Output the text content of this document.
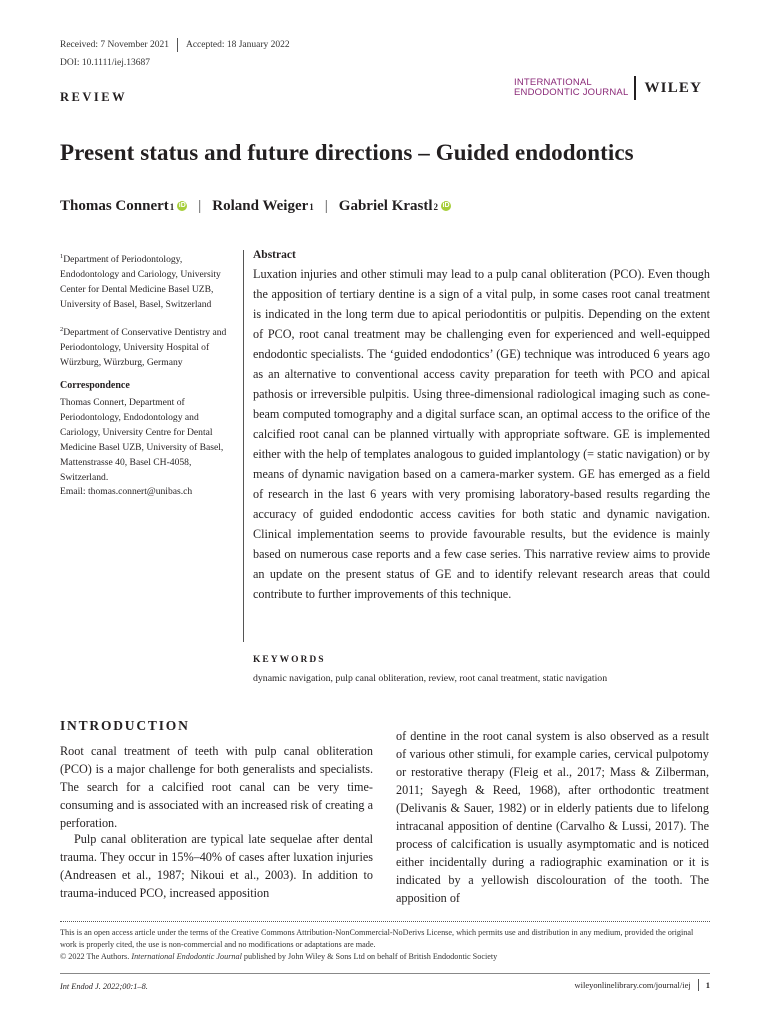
Received: 7 November 2021 Accepted: 18 January 2022
DOI: 10.1111/iej.13687
INTERNATIONAL
ENDODONTIC JOURNAL WILEY
REVIEW
Present status and future directions – Guided endodontics
Thomas Connert 1 iD | Roland Weiger 1 | Gabriel Krastl 2 iD
$^1$Department of Periodontology, Endodontology and Cariology, University Center for Dental Medicine Basel UZB, University of Basel, Basel, Switzerland
$^2$Department of Conservative Dentistry and Periodontology, University Hospital of Würzburg, Würzburg, Germany
Correspondence
Thomas Connert, Department of Periodontology, Endodontology and Cariology, University Centre for Dental Medicine Basel UZB, University of Basel, Mattenstrasse 40, Basel CH-4058, Switzerland.
Email: thomas.connert@unibas.ch
Abstract

Luxation injuries and other stimuli may lead to a pulp canal obliteration (PCO). Even though the apposition of tertiary dentine is a sign of a vital pulp, in some cases root canal treatment is indicated in the long term due to apical periodontitis or pulpitis. Depending on the extent of PCO, root canal treatment may be challenging even for experienced and well-equipped endodontic specialists. The ‘guided endodontics’ (GE) technique was introduced 6 years ago as an alternative to conventional access cavity preparation for teeth with PCO and apical pathosis or irreversible pulpitis. Using three-dimensional radiological imaging such as cone-beam computed tomography and a digital surface scan, an optimal access to the orifice of the calcified root canal can be planned virtually with appropriate software. GE is implemented either with the help of templates analogous to guided implantology (= static navigation) or by means of dynamic navigation based on a camera-marker system. GE has emerged as a field of research in the last 6 years with very promising laboratory-based results regarding the accuracy of guided endodontic access cavities for both static and dynamic navigation. Clinical implementation seems to provide favourable results, but the evidence is mainly based on numerous case reports and a few case series. This narrative review aims to provide an update on the present status of GE and to identify relevant research areas that could contribute to further improvements of this technique.

KEYWORDS
dynamic navigation, pulp canal obliteration, review, root canal treatment, static navigation
INTRODUCTION

Root canal treatment of teeth with pulp canal obliteration (PCO) is a major challenge for both generalists and specialists. The search for a calcified root canal can be very time-consuming and is associated with an increased risk of creating a perforation.

Pulp canal obliteration are typical late sequelae after dental trauma. They occur in 15%–40% of cases after luxation injuries (Andreasen et al., 1987; Nikoui et al., 2003). In addition to trauma-induced PCO, increased apposition

of dentine in the root canal system is also observed as a result of various other stimuli, for example caries, cervical pulpotomy or restorative therapy (Fleig et al., 2017; Mass & Zilberman, 2011; Sayegh & Reed, 1968), after orthodontic treatment (Delivanis & Sauer, 1982) or in elderly patients due to lifelong intracanal apposition of dentine (Carvalho & Lussi, 2017). The process of calcification is usually asymptomatic and is noticed either incidentally during a radiographic examination or it is indicated by a yellowish discolouration of the tooth. The apposition of

This is an open access article under the terms of the Creative Commons Attribution-NonCommercial-NoDerivs License, which permits use and distribution in any medium, provided the original work is properly cited, the use is non-commercial and no modifications or adaptations are made.
© 2022 The Authors. International Endodontic Journal published by John Wiley & Sons Ltd on behalf of British Endodontic Society
Int Endod J. 2022;00:1–8.	wileyonlinelibrary.com/journal/iej 1
